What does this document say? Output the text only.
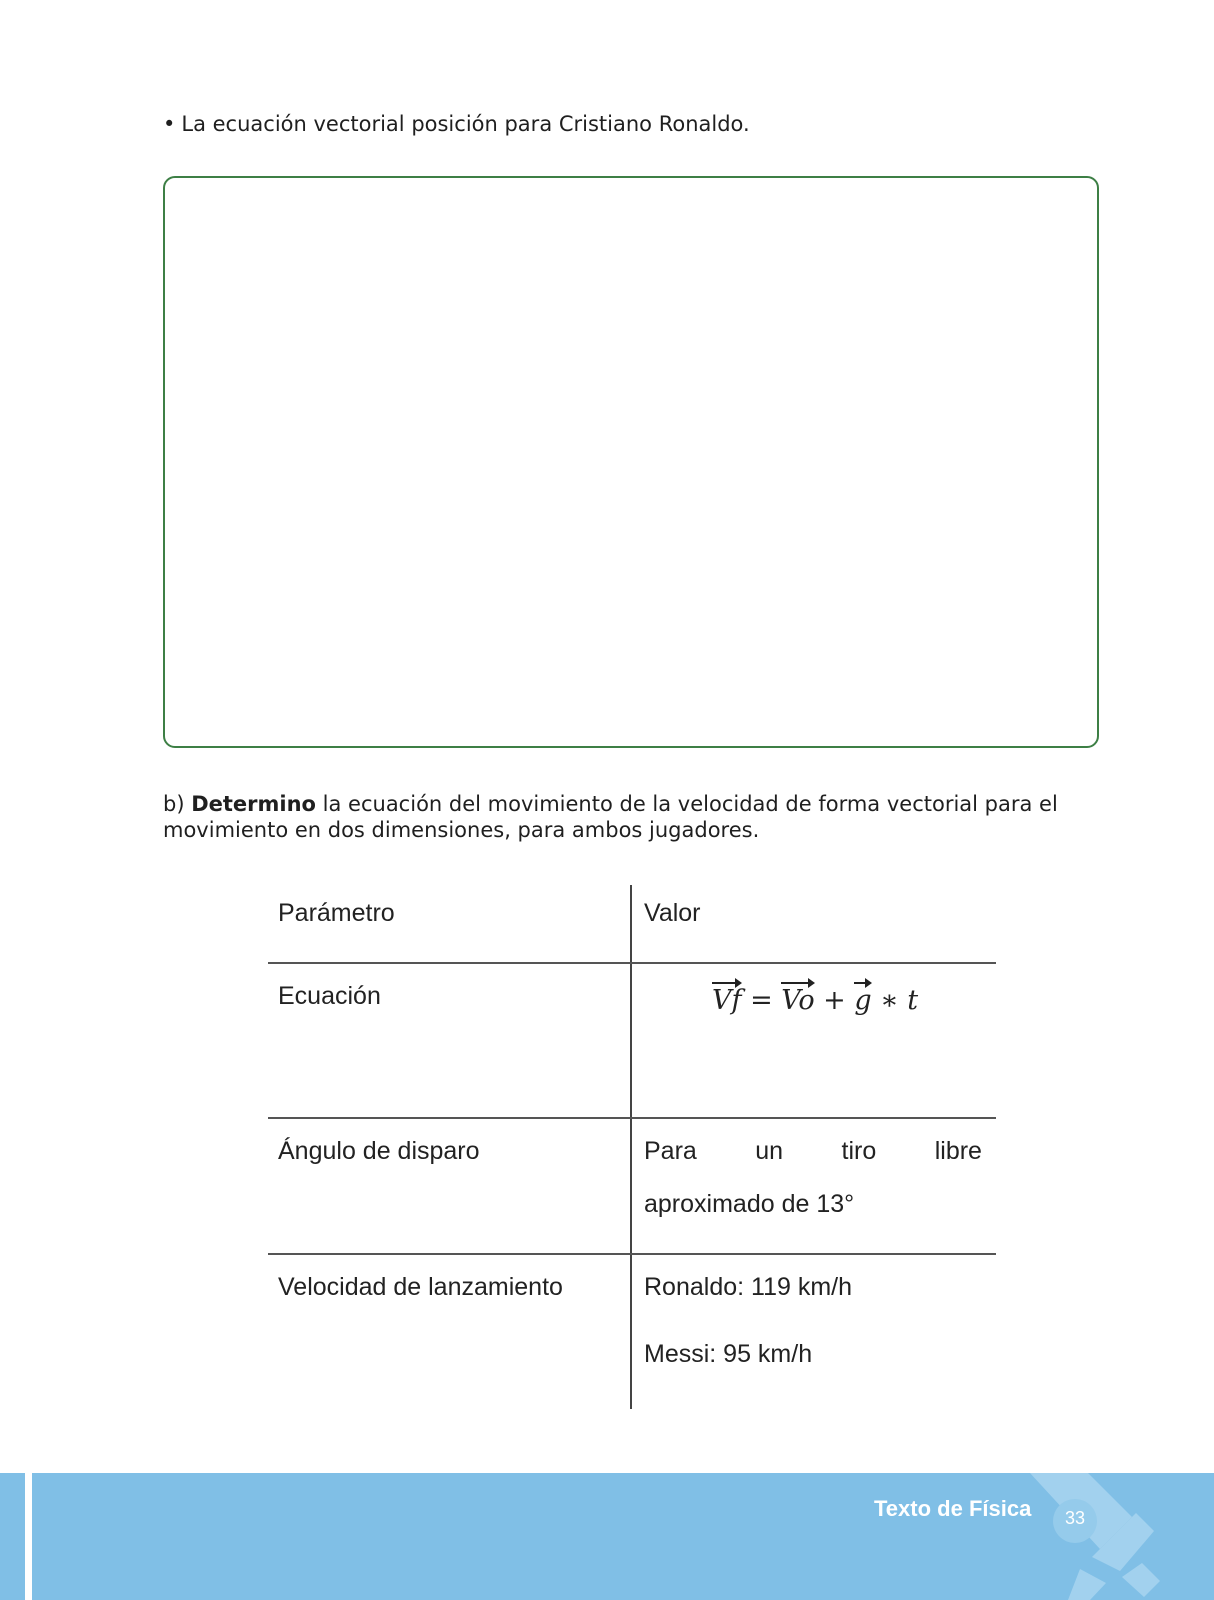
• La ecuación vectorial posición para Cristiano Ronaldo.
b) Determino la ecuación del movimiento de la velocidad de forma vectorial para el movimiento en dos dimensiones, para ambos jugadores.
Parámetro	Valor
Ecuación	Vf = Vo + g ∗ t
Ángulo de disparo	Para un tiro libre
aproximado de 13°
Velocidad de lanzamiento	Ronaldo: 119 km/h
Messi: 95 km/h
Texto de Física	33
